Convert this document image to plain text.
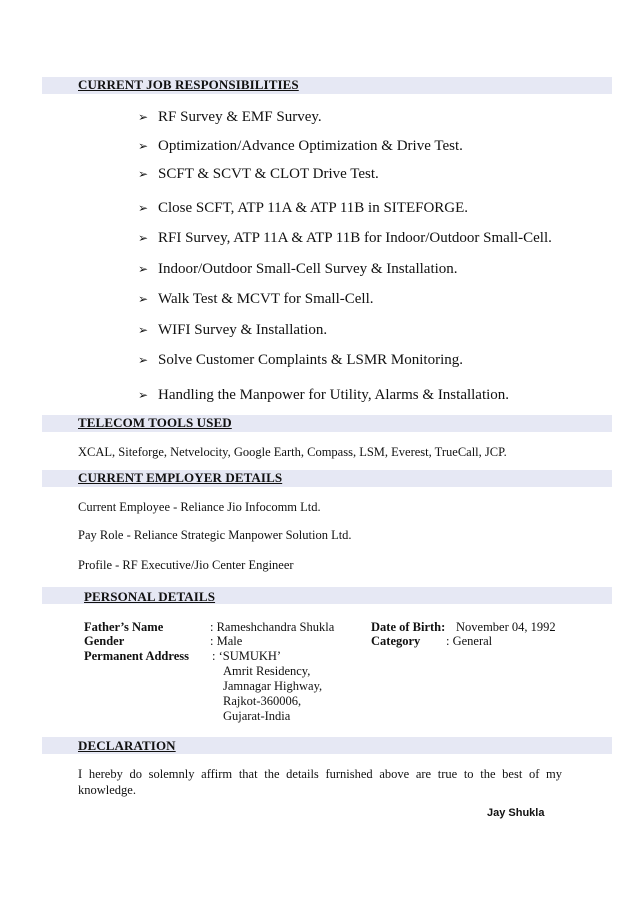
CURRENT JOB RESPONSIBILITIES
➢ RF Survey & EMF Survey.
➢ Optimization/Advance Optimization & Drive Test.
➢ SCFT & SCVT & CLOT Drive Test.
➢ Close SCFT, ATP 11A & ATP 11B in SITEFORGE.
➢ RFI Survey, ATP 11A & ATP 11B for Indoor/Outdoor Small-Cell.
➢ Indoor/Outdoor Small-Cell Survey & Installation.
➢ Walk Test & MCVT for Small-Cell.
➢ WIFI Survey & Installation.
➢ Solve Customer Complaints & LSMR Monitoring.
➢ Handling the Manpower for Utility, Alarms & Installation.
TELECOM TOOLS USED
XCAL, Siteforge, Netvelocity, Google Earth, Compass, LSM, Everest, TrueCall, JCP.
CURRENT EMPLOYER DETAILS
Current Employee - Reliance Jio Infocomm Ltd.
Pay Role - Reliance Strategic Manpower Solution Ltd.
Profile - RF Executive/Jio Center Engineer
PERSONAL DETAILS
Father’s Name	: Rameshchandra Shukla
Gender	: Male
Permanent Address : ‘SUMUKH’
Amrit Residency,
Jamnagar Highway,
Rajkot-360006,
Gujarat-India
Date of Birth: November 04, 1992
Category : General
DECLARATION
I hereby do solemnly affirm that the details furnished above are true to the best of my knowledge.
Jay Shukla
